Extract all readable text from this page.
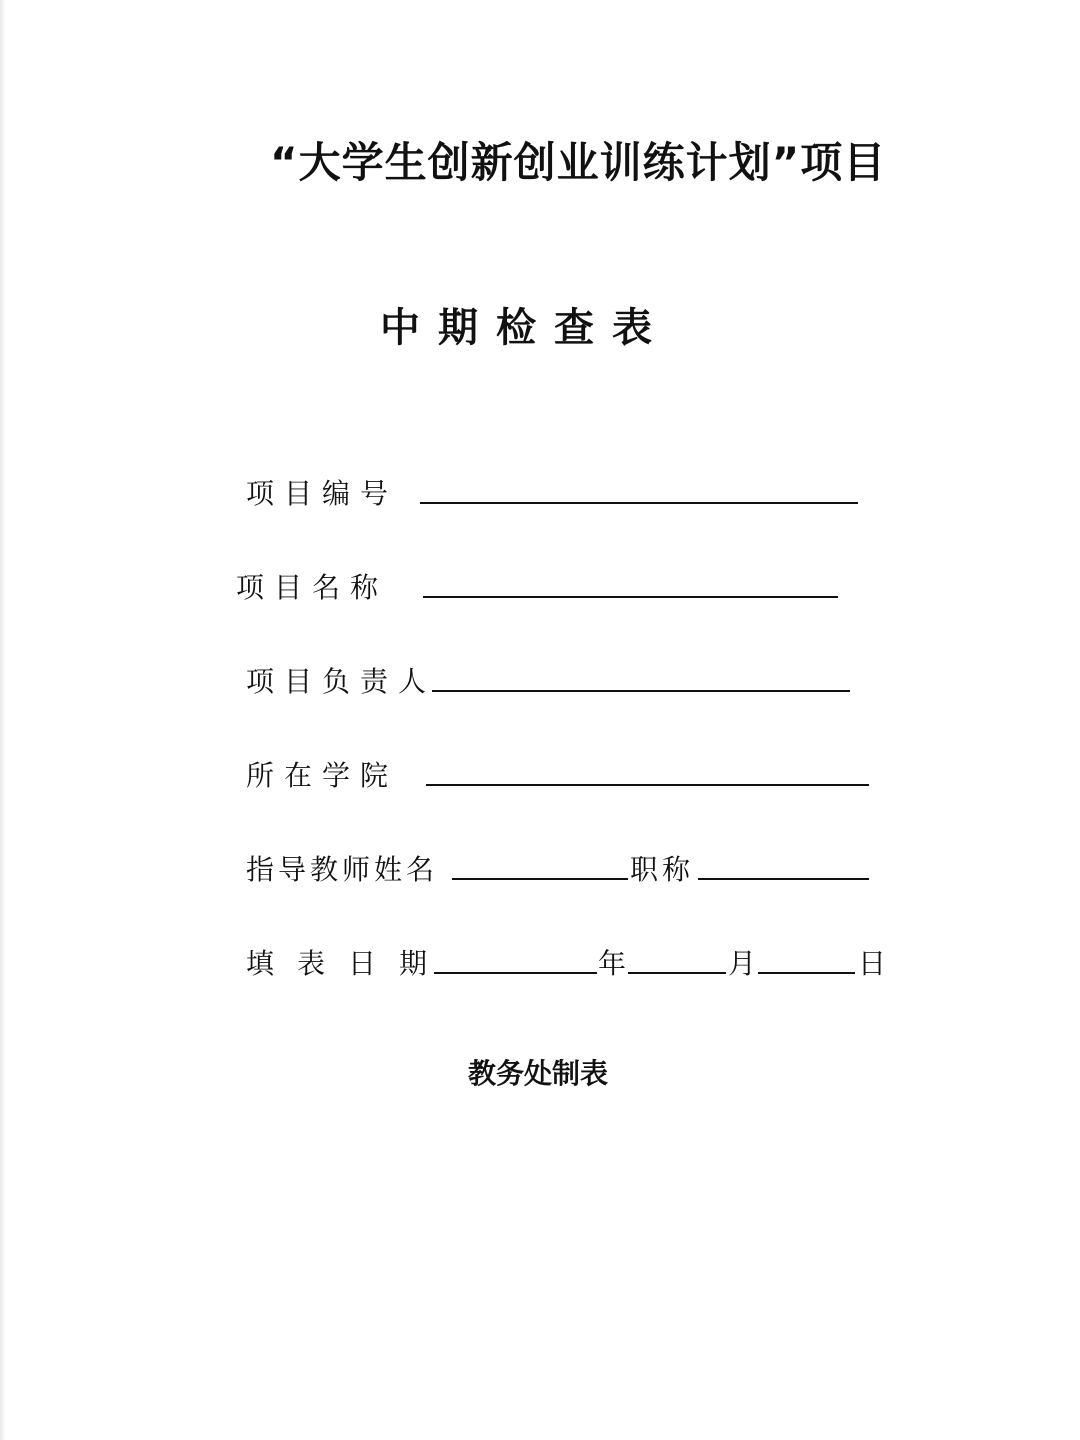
“大学生创新创业训练计划”项目
中期检查表
项目编号
项目名称
项目负责人
所在学院
指导教师姓名	职称
填表日期	年	月	日
教务处制表
